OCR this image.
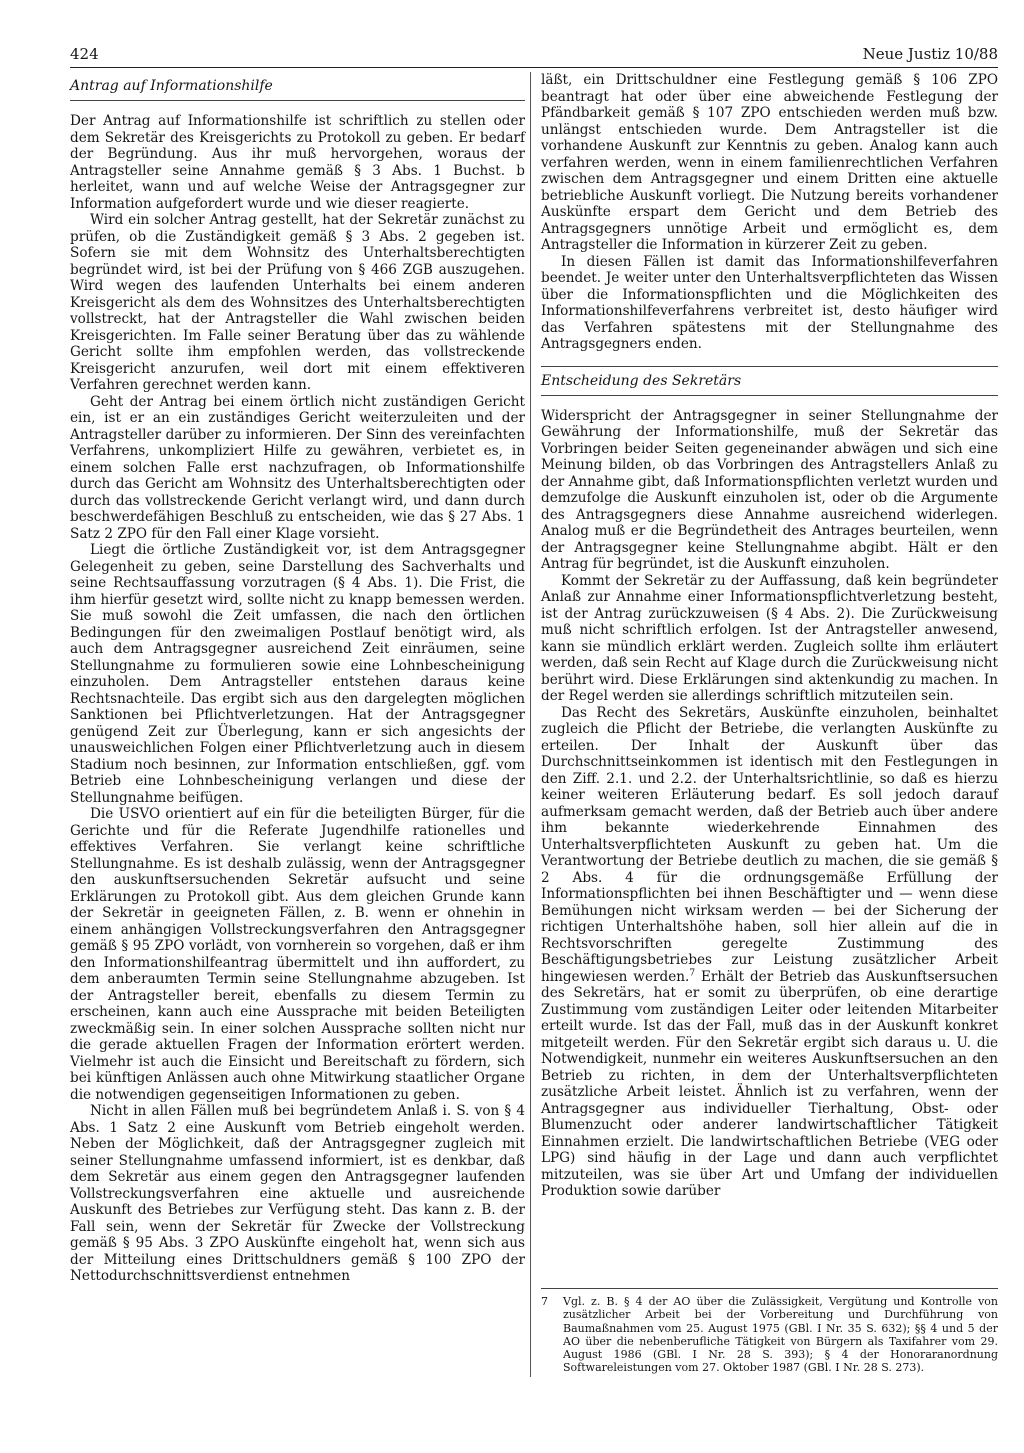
424	Neue Justiz 10/88
Antrag auf Informationshilfe

Der Antrag auf Informationshilfe ist schriftlich zu stellen oder dem Sekretär des Kreisgerichts zu Protokoll zu geben. Er bedarf der Begründung. Aus ihr muß hervorgehen, woraus der Antragsteller seine Annahme gemäß § 3 Abs. 1 Buchst. b herleitet, wann und auf welche Weise der Antragsgegner zur Information aufgefordert wurde und wie dieser reagierte.

Wird ein solcher Antrag gestellt, hat der Sekretär zunächst zu prüfen, ob die Zuständigkeit gemäß § 3 Abs. 2 gegeben ist. Sofern sie mit dem Wohnsitz des Unterhaltsberechtigten begründet wird, ist bei der Prüfung von § 466 ZGB auszugehen. Wird wegen des laufenden Unterhalts bei einem anderen Kreisgericht als dem des Wohnsitzes des Unterhaltsberechtigten vollstreckt, hat der Antragsteller die Wahl zwischen beiden Kreisgerichten. Im Falle seiner Beratung über das zu wählende Gericht sollte ihm empfohlen werden, das vollstreckende Kreisgericht anzurufen, weil dort mit einem effektiveren Verfahren gerechnet werden kann.

Geht der Antrag bei einem örtlich nicht zuständigen Gericht ein, ist er an ein zuständiges Gericht weiterzuleiten und der Antragsteller darüber zu informieren. Der Sinn des vereinfachten Verfahrens, unkompliziert Hilfe zu gewähren, verbietet es, in einem solchen Falle erst nachzufragen, ob Informationshilfe durch das Gericht am Wohnsitz des Unterhaltsberechtigten oder durch das vollstreckende Gericht verlangt wird, und dann durch beschwerdefähigen Beschluß zu entscheiden, wie das § 27 Abs. 1 Satz 2 ZPO für den Fall einer Klage vorsieht.

Liegt die örtliche Zuständigkeit vor, ist dem Antragsgegner Gelegenheit zu geben, seine Darstellung des Sachverhalts und seine Rechtsauffassung vorzutragen (§ 4 Abs. 1). Die Frist, die ihm hierfür gesetzt wird, sollte nicht zu knapp bemessen werden. Sie muß sowohl die Zeit umfassen, die nach den örtlichen Bedingungen für den zweimaligen Postlauf benötigt wird, als auch dem Antragsgegner ausreichend Zeit einräumen, seine Stellungnahme zu formulieren sowie eine Lohnbescheinigung einzuholen. Dem Antragsteller entstehen daraus keine Rechtsnachteile. Das ergibt sich aus den dargelegten möglichen Sanktionen bei Pflichtverletzungen. Hat der Antragsgegner genügend Zeit zur Überlegung, kann er sich angesichts der unausweichlichen Folgen einer Pflichtverletzung auch in diesem Stadium noch besinnen, zur Information entschließen, ggf. vom Betrieb eine Lohnbescheinigung verlangen und diese der Stellungnahme beifügen.

Die USVO orientiert auf ein für die beteiligten Bürger, für die Gerichte und für die Referate Jugendhilfe rationelles und effektives Verfahren. Sie verlangt keine schriftliche Stellungnahme. Es ist deshalb zulässig, wenn der Antragsgegner den auskunftsersuchenden Sekretär aufsucht und seine Erklärungen zu Protokoll gibt. Aus dem gleichen Grunde kann der Sekretär in geeigneten Fällen, z. B. wenn er ohnehin in einem anhängigen Vollstreckungsverfahren den Antragsgegner gemäß § 95 ZPO vorlädt, von vornherein so vorgehen, daß er ihm den Informationshilfeantrag übermittelt und ihn auffordert, zu dem anberaumten Termin seine Stellungnahme abzugeben. Ist der Antragsteller bereit, ebenfalls zu diesem Termin zu erscheinen, kann auch eine Aussprache mit beiden Beteiligten zweckmäßig sein. In einer solchen Aussprache sollten nicht nur die gerade aktuellen Fragen der Information erörtert werden. Vielmehr ist auch die Einsicht und Bereitschaft zu fördern, sich bei künftigen Anlässen auch ohne Mitwirkung staatlicher Organe die notwendigen gegenseitigen Informationen zu geben.

Nicht in allen Fällen muß bei begründetem Anlaß i. S. von § 4 Abs. 1 Satz 2 eine Auskunft vom Betrieb eingeholt werden. Neben der Möglichkeit, daß der Antragsgegner zugleich mit seiner Stellungnahme umfassend informiert, ist es denkbar, daß dem Sekretär aus einem gegen den Antragsgegner laufenden Vollstreckungsverfahren eine aktuelle und ausreichende Auskunft des Betriebes zur Verfügung steht. Das kann z. B. der Fall sein, wenn der Sekretär für Zwecke der Vollstreckung gemäß § 95 Abs. 3 ZPO Auskünfte eingeholt hat, wenn sich aus der Mitteilung eines Drittschuldners gemäß § 100 ZPO der Nettodurchschnittsverdienst entnehmen

läßt, ein Drittschuldner eine Festlegung gemäß § 106 ZPO beantragt hat oder über eine abweichende Festlegung der Pfändbarkeit gemäß § 107 ZPO entschieden werden muß bzw. unlängst entschieden wurde. Dem Antragsteller ist die vorhandene Auskunft zur Kenntnis zu geben. Analog kann auch verfahren werden, wenn in einem familienrechtlichen Verfahren zwischen dem Antragsgegner und einem Dritten eine aktuelle betriebliche Auskunft vorliegt. Die Nutzung bereits vorhandener Auskünfte erspart dem Gericht und dem Betrieb des Antragsgegners unnötige Arbeit und ermöglicht es, dem Antragsteller die Information in kürzerer Zeit zu geben.

In diesen Fällen ist damit das Informationshilfeverfahren beendet. Je weiter unter den Unterhaltsverpflichteten das Wissen über die Informationspflichten und die Möglichkeiten des Informationshilfeverfahrens verbreitet ist, desto häufiger wird das Verfahren spätestens mit der Stellungnahme des Antragsgegners enden.

Entscheidung des Sekretärs

Widerspricht der Antragsgegner in seiner Stellungnahme der Gewährung der Informationshilfe, muß der Sekretär das Vorbringen beider Seiten gegeneinander abwägen und sich eine Meinung bilden, ob das Vorbringen des Antragstellers Anlaß zu der Annahme gibt, daß Informationspflichten verletzt wurden und demzufolge die Auskunft einzuholen ist, oder ob die Argumente des Antragsgegners diese Annahme ausreichend widerlegen. Analog muß er die Begründetheit des Antrages beurteilen, wenn der Antragsgegner keine Stellungnahme abgibt. Hält er den Antrag für begründet, ist die Auskunft einzuholen.

Kommt der Sekretär zu der Auffassung, daß kein begründeter Anlaß zur Annahme einer Informationspflichtverletzung besteht, ist der Antrag zurückzuweisen (§ 4 Abs. 2). Die Zurückweisung muß nicht schriftlich erfolgen. Ist der Antragsteller anwesend, kann sie mündlich erklärt werden. Zugleich sollte ihm erläutert werden, daß sein Recht auf Klage durch die Zurückweisung nicht berührt wird. Diese Erklärungen sind aktenkundig zu machen. In der Regel werden sie allerdings schriftlich mitzuteilen sein.

Das Recht des Sekretärs, Auskünfte einzuholen, beinhaltet zugleich die Pflicht der Betriebe, die verlangten Auskünfte zu erteilen. Der Inhalt der Auskunft über das Durchschnittseinkommen ist identisch mit den Festlegungen in den Ziff. 2.1. und 2.2. der Unterhaltsrichtlinie, so daß es hierzu keiner weiteren Erläuterung bedarf. Es soll jedoch darauf aufmerksam gemacht werden, daß der Betrieb auch über andere ihm bekannte wiederkehrende Einnahmen des Unterhaltsverpflichteten Auskunft zu geben hat. Um die Verantwortung der Betriebe deutlich zu machen, die sie gemäß § 2 Abs. 4 für die ordnungsgemäße Erfüllung der Informationspflichten bei ihnen Beschäftigter und — wenn diese Bemühungen nicht wirksam werden — bei der Sicherung der richtigen Unterhaltshöhe haben, soll hier allein auf die in Rechtsvorschriften geregelte Zustimmung des Beschäftigungsbetriebes zur Leistung zusätzlicher Arbeit hingewiesen werden.$^7$ Erhält der Betrieb das Auskunftsersuchen des Sekretärs, hat er somit zu überprüfen, ob eine derartige Zustimmung vom zuständigen Leiter oder leitenden Mitarbeiter erteilt wurde. Ist das der Fall, muß das in der Auskunft konkret mitgeteilt werden. Für den Sekretär ergibt sich daraus u. U. die Notwendigkeit, nunmehr ein weiteres Auskunftsersuchen an den Betrieb zu richten, in dem der Unterhaltsverpflichteten zusätzliche Arbeit leistet. Ähnlich ist zu verfahren, wenn der Antragsgegner aus individueller Tierhaltung, Obst- oder Blumenzucht oder anderer landwirtschaftlicher Tätigkeit Einnahmen erzielt. Die landwirtschaftlichen Betriebe (VEG oder LPG) sind häufig in der Lage und dann auch verpflichtet mitzuteilen, was sie über Art und Umfang der individuellen Produktion sowie darüber

7 Vgl. z. B. § 4 der AO über die Zulässigkeit, Vergütung und Kontrolle von zusätzlicher Arbeit bei der Vorbereitung und Durchführung von Baumaßnahmen vom 25. August 1975 (GBl. I Nr. 35 S. 632); §§ 4 und 5 der AO über die nebenberufliche Tätigkeit von Bürgern als Taxifahrer vom 29. August 1986 (GBl. I Nr. 28 S. 393); § 4 der Honoraranordnung Softwareleistungen vom 27. Oktober 1987 (GBl. I Nr. 28 S. 273).
